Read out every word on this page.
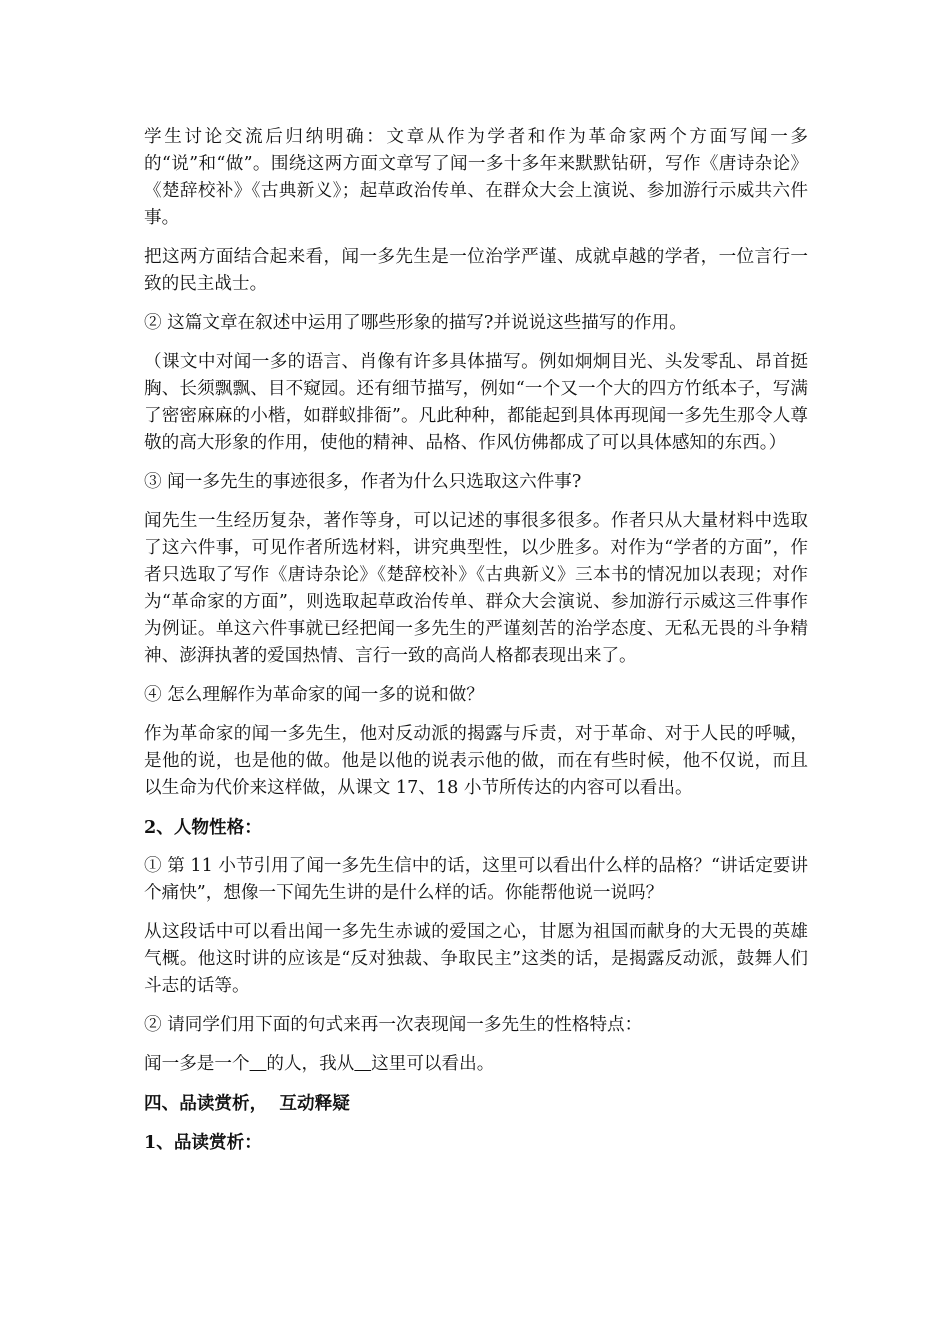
学生讨论交流后归纳明确：文章从作为学者和作为革命家两个方面写闻一多的“说”和“做”。围绕这两方面文章写了闻一多十多年来默默钻研，写作《唐诗杂论》《楚辞校补》《古典新义》；起草政治传单、在群众大会上演说、参加游行示威共六件事。

把这两方面结合起来看，闻一多先生是一位治学严谨、成就卓越的学者，一位言行一致的民主战士。

② 这篇文章在叙述中运用了哪些形象的描写?并说说这些描写的作用。

（课文中对闻一多的语言、肖像有许多具体描写。例如炯炯目光、头发零乱、昂首挺胸、长须飘飘、目不窥园。还有细节描写，例如“一个又一个大的四方竹纸本子，写满了密密麻麻的小楷，如群蚁排衙”。凡此种种，都能起到具体再现闻一多先生那令人尊敬的高大形象的作用，使他的精神、品格、作风仿佛都成了可以具体感知的东西。）

③ 闻一多先生的事迹很多，作者为什么只选取这六件事?

闻先生一生经历复杂，著作等身，可以记述的事很多很多。作者只从大量材料中选取了这六件事，可见作者所选材料，讲究典型性，以少胜多。对作为“学者的方面”，作者只选取了写作《唐诗杂论》《楚辞校补》《古典新义》三本书的情况加以表现；对作为“革命家的方面”，则选取起草政治传单、群众大会演说、参加游行示威这三件事作为例证。单这六件事就已经把闻一多先生的严谨刻苦的治学态度、无私无畏的斗争精神、澎湃执著的爱国热情、言行一致的高尚人格都表现出来了。

④ 怎么理解作为革命家的闻一多的说和做？

作为革命家的闻一多先生，他对反动派的揭露与斥责，对于革命、对于人民的呼喊，是他的说，也是他的做。他是以他的说表示他的做，而在有些时候，他不仅说，而且以生命为代价来这样做，从课文 17、18 小节所传达的内容可以看出。

2、人物性格：

① 第 11 小节引用了闻一多先生信中的话，这里可以看出什么样的品格？“讲话定要讲个痛快”，想像一下闻先生讲的是什么样的话。你能帮他说一说吗？

从这段话中可以看出闻一多先生赤诚的爱国之心，甘愿为祖国而献身的大无畏的英雄气概。他这时讲的应该是“反对独裁、争取民主”这类的话，是揭露反动派，鼓舞人们斗志的话等。

② 请同学们用下面的句式来再一次表现闻一多先生的性格特点：

闻一多是一个 的人，我从 这里可以看出。

四、品读赏析，  互动释疑

1、品读赏析：
